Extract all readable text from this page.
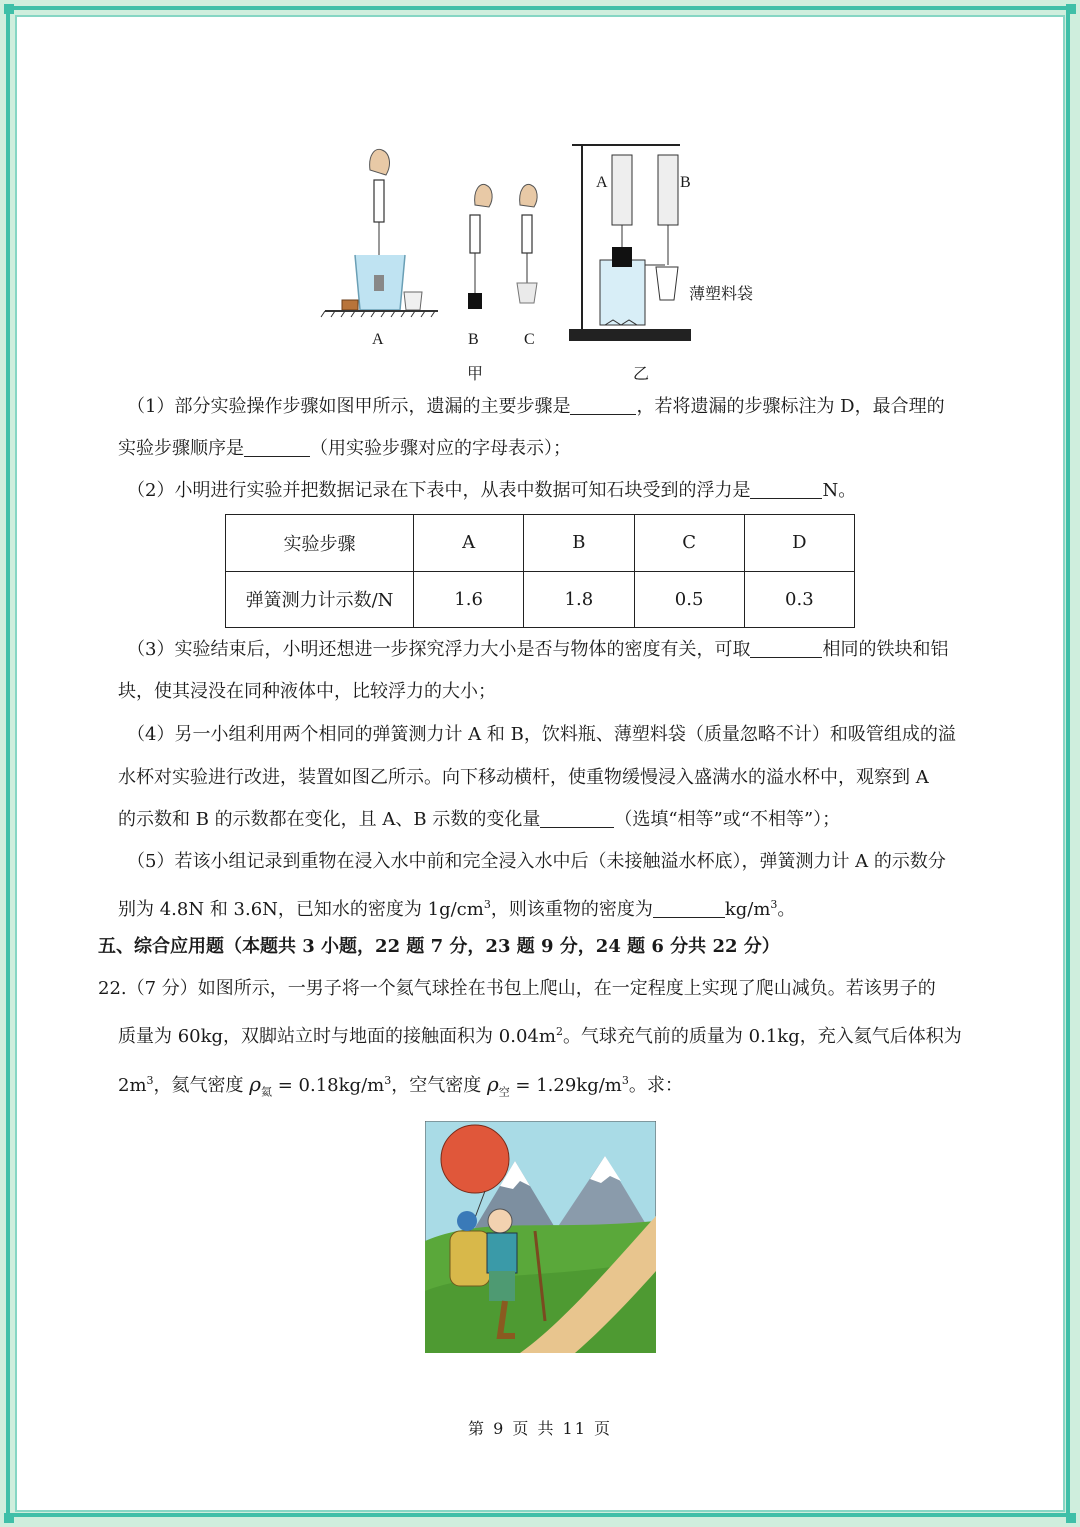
A	B
薄塑料袋
A	B	C
甲	乙
（1）部分实验操作步骤如图甲所示，遗漏的主要步骤是	，若将遗漏的步骤标注为 D，最合理的
实验步骤顺序是	（用实验步骤对应的字母表示）；
（2）小明进行实验并把数据记录在下表中，从表中数据可知石块受到的浮力是	N。
实验步骤	A	B	C	D
弹簧测力计示数/N	1.6	1.8	0.5	0.3
（3）实验结束后，小明还想进一步探究浮力大小是否与物体的密度有关，可取	相同的铁块和铝
块，使其浸没在同种液体中，比较浮力的大小；
（4）另一小组利用两个相同的弹簧测力计 A 和 B，饮料瓶、薄塑料袋（质量忽略不计）和吸管组成的溢
水杯对实验进行改进，装置如图乙所示。向下移动横杆，使重物缓慢浸入盛满水的溢水杯中，观察到 A
的示数和 B 的示数都在变化，且 A、B 示数的变化量	（选填“相等”或“不相等”）；
（5）若该小组记录到重物在浸入水中前和完全浸入水中后（未接触溢水杯底），弹簧测力计 A 的示数分
别为 4.8N 和 3.6N，已知水的密度为 $1g/cm^3$，则该重物的密度为	$kg/m^3$。
五、综合应用题（本题共 3 小题，22 题 7 分，23 题 9 分，24 题 6 分共 22 分）
22.（7 分）如图所示，一男子将一个氦气球拴在书包上爬山，在一定程度上实现了爬山减负。若该男子的
质量为 60kg，双脚站立时与地面的接触面积为 $0.04m^2$。气球充气前的质量为 0.1kg，充入氦气后体积为
$2m^3$，氦气密度 $\rho_氦 = 0.18kg/m^3$，空气密度 $\rho_空 = 1.29kg/m^3$。求：
第 9 页 共 11 页
